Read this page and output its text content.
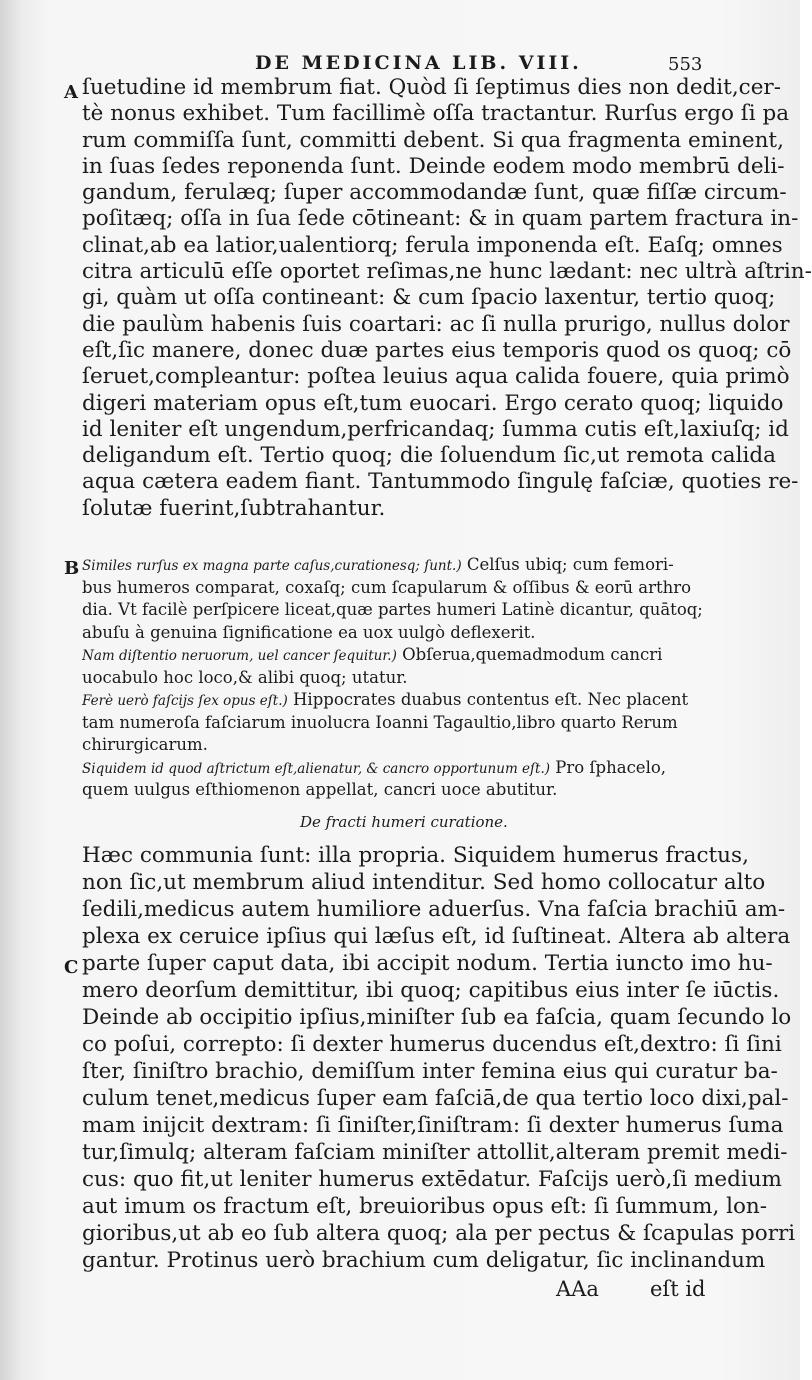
DE MEDICINA LIB. VIII.	553
A
B
C
ſuetudine id membrum fiat. Quòd ſi ſeptimus dies non dedit,cer-
tè nonus exhibet. Tum facillimè oſſa tractantur. Rurſus ergo ſi pa
rum commiſſa ſunt, committi debent. Si qua fragmenta eminent,
in ſuas ſedes reponenda ſunt. Deinde eodem modo membrū deli-
gandum, ferulæq; ſuper accommodandæ ſunt, quæ fiſſæ circum-
poſitæq; oſſa in ſua ſede cōtineant: & in quam partem fractura in-
clinat,ab ea latior,ualentiorq; ferula imponenda eſt. Eaſq; omnes
citra articulū eſſe oportet reſimas,ne hunc lædant: nec ultrà aſtrin-
gi, quàm ut oſſa contineant: & cum ſpacio laxentur, tertio quoq;
die paulùm habenis ſuis coartari: ac ſi nulla prurigo, nullus dolor
eſt,ſic manere, donec duæ partes eius temporis quod os quoq; cō
ſeruet,compleantur: poſtea leuius aqua calida fouere, quia primò
digeri materiam opus eſt,tum euocari. Ergo cerato quoq; liquido
id leniter eſt ungendum,perfricandaq; ſumma cutis eſt,laxiuſq; id
deligandum eſt. Tertio quoq; die ſoluendum ſic,ut remota calida
aqua cætera eadem fiant. Tantummodo ſingulę faſciæ, quoties re-
ſolutæ fuerint,ſubtrahantur.
Similes rurſus ex magna parte caſus,curationesq; ſunt.) Celſus ubiq; cum femori-
bus humeros comparat, coxaſq; cum ſcapularum & oſſibus & eorū arthro
dia. Vt facilè perſpicere liceat,quæ partes humeri Latinè dicantur, quātoq;
abuſu à genuina ſignificatione ea uox uulgò deflexerit.
Nam diſtentio neruorum, uel cancer ſequitur.) Obſerua,quemadmodum cancri
uocabulo hoc loco,& alibi quoq; utatur.
Ferè uerò faſcijs ſex opus eſt.) Hippocrates duabus contentus eſt. Nec placent
tam numeroſa faſciarum inuolucra Ioanni Tagaultio,libro quarto Rerum
chirurgicarum.
Siquidem id quod aſtrictum eſt,alienatur, & cancro opportunum eſt.) Pro ſphacelo,
quem uulgus eſthiomenon appellat, cancri uoce abutitur.
De fracti humeri curatione.
Hæc communia ſunt: illa propria. Siquidem humerus fractus,
non ſic,ut membrum aliud intenditur. Sed homo collocatur alto
ſedili,medicus autem humiliore aduerſus. Vna faſcia brachiū am-
plexa ex ceruice ipſius qui læſus eſt, id ſuſtineat. Altera ab altera
parte ſuper caput data, ibi accipit nodum. Tertia iuncto imo hu-
mero deorſum demittitur, ibi quoq; capitibus eius inter ſe iūctis.
Deinde ab occipitio ipſius,miniſter ſub ea faſcia, quam ſecundo lo
co poſui, correpto: ſi dexter humerus ducendus eſt,dextro: ſi ſini
ſter, ſiniſtro brachio, demiſſum inter femina eius qui curatur ba-
culum tenet,medicus ſuper eam faſciā,de qua tertio loco dixi,pal-
mam inijcit dextram: ſi ſiniſter,ſiniſtram: ſi dexter humerus ſuma
tur,ſimulq; alteram faſciam miniſter attollit,alteram premit medi-
cus: quo fit,ut leniter humerus extēdatur. Faſcijs uerò,ſi medium
aut imum os fractum eſt, breuioribus opus eſt: ſi ſummum, lon-
gioribus,ut ab eo ſub altera quoq; ala per pectus & ſcapulas porri
gantur. Protinus uerò brachium cum deligatur, ſic inclinandum
AAa eſt id
